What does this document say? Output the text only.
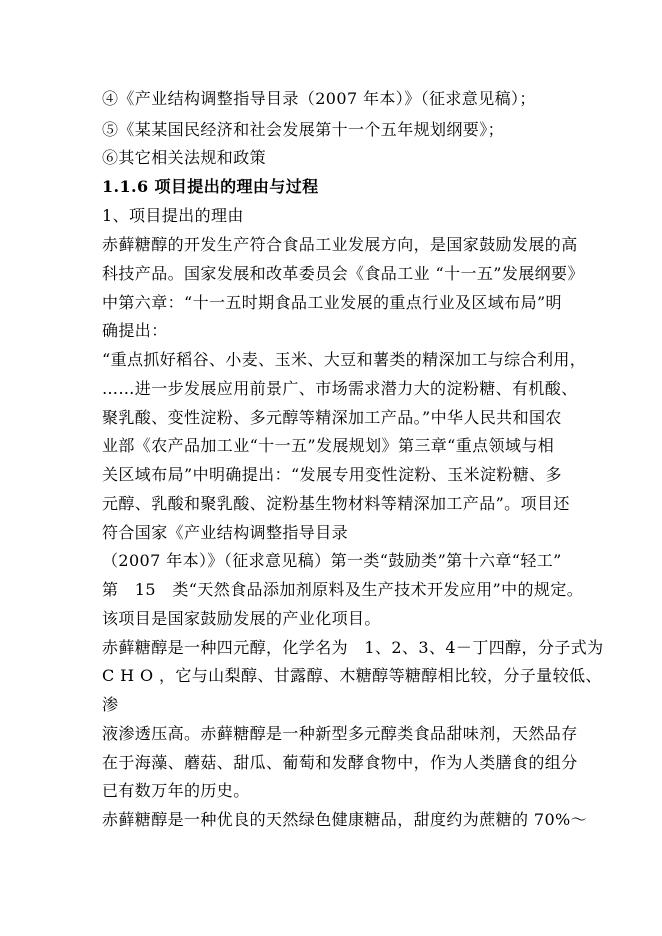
④《产业结构调整指导目录（2007 年本）》（征求意见稿）；
⑤《某某国民经济和社会发展第十一个五年规划纲要》；
⑥其它相关法规和政策
1.1.6 项目提出的理由与过程
1、项目提出的理由
赤藓糖醇的开发生产符合食品工业发展方向，是国家鼓励发展的高
科技产品。国家发展和改革委员会《食品工业 “十一五”发展纲要》
中第六章：“十一五时期食品工业发展的重点行业及区域布局”明
确提出：
“重点抓好稻谷、小麦、玉米、大豆和薯类的精深加工与综合利用，
……进一步发展应用前景广、市场需求潜力大的淀粉糖、有机酸、
聚乳酸、变性淀粉、多元醇等精深加工产品。”中华人民共和国农
业部《农产品加工业“十一五”发展规划》第三章“重点领域与相
关区域布局”中明确提出：“发展专用变性淀粉、玉米淀粉糖、多
元醇、乳酸和聚乳酸、淀粉基生物材料等精深加工产品”。项目还
符合国家《产业结构调整指导目录
（2007 年本）》（征求意见稿）第一类“鼓励类”第十六章“轻工”
第　15　类“天然食品添加剂原料及生产技术开发应用”中的规定。
该项目是国家鼓励发展的产业化项目。
赤藓糖醇是一种四元醇，化学名为　1、2、3、4－丁四醇，分子式为
C H O ，它与山梨醇、甘露醇、木糖醇等糖醇相比较，分子量较低、
渗
液渗透压高。赤藓糖醇是一种新型多元醇类食品甜味剂，天然品存
在于海藻、蘑菇、甜瓜、葡萄和发酵食物中，作为人类膳食的组分
已有数万年的历史。
赤藓糖醇是一种优良的天然绿色健康糖品，甜度约为蔗糖的 70%～
